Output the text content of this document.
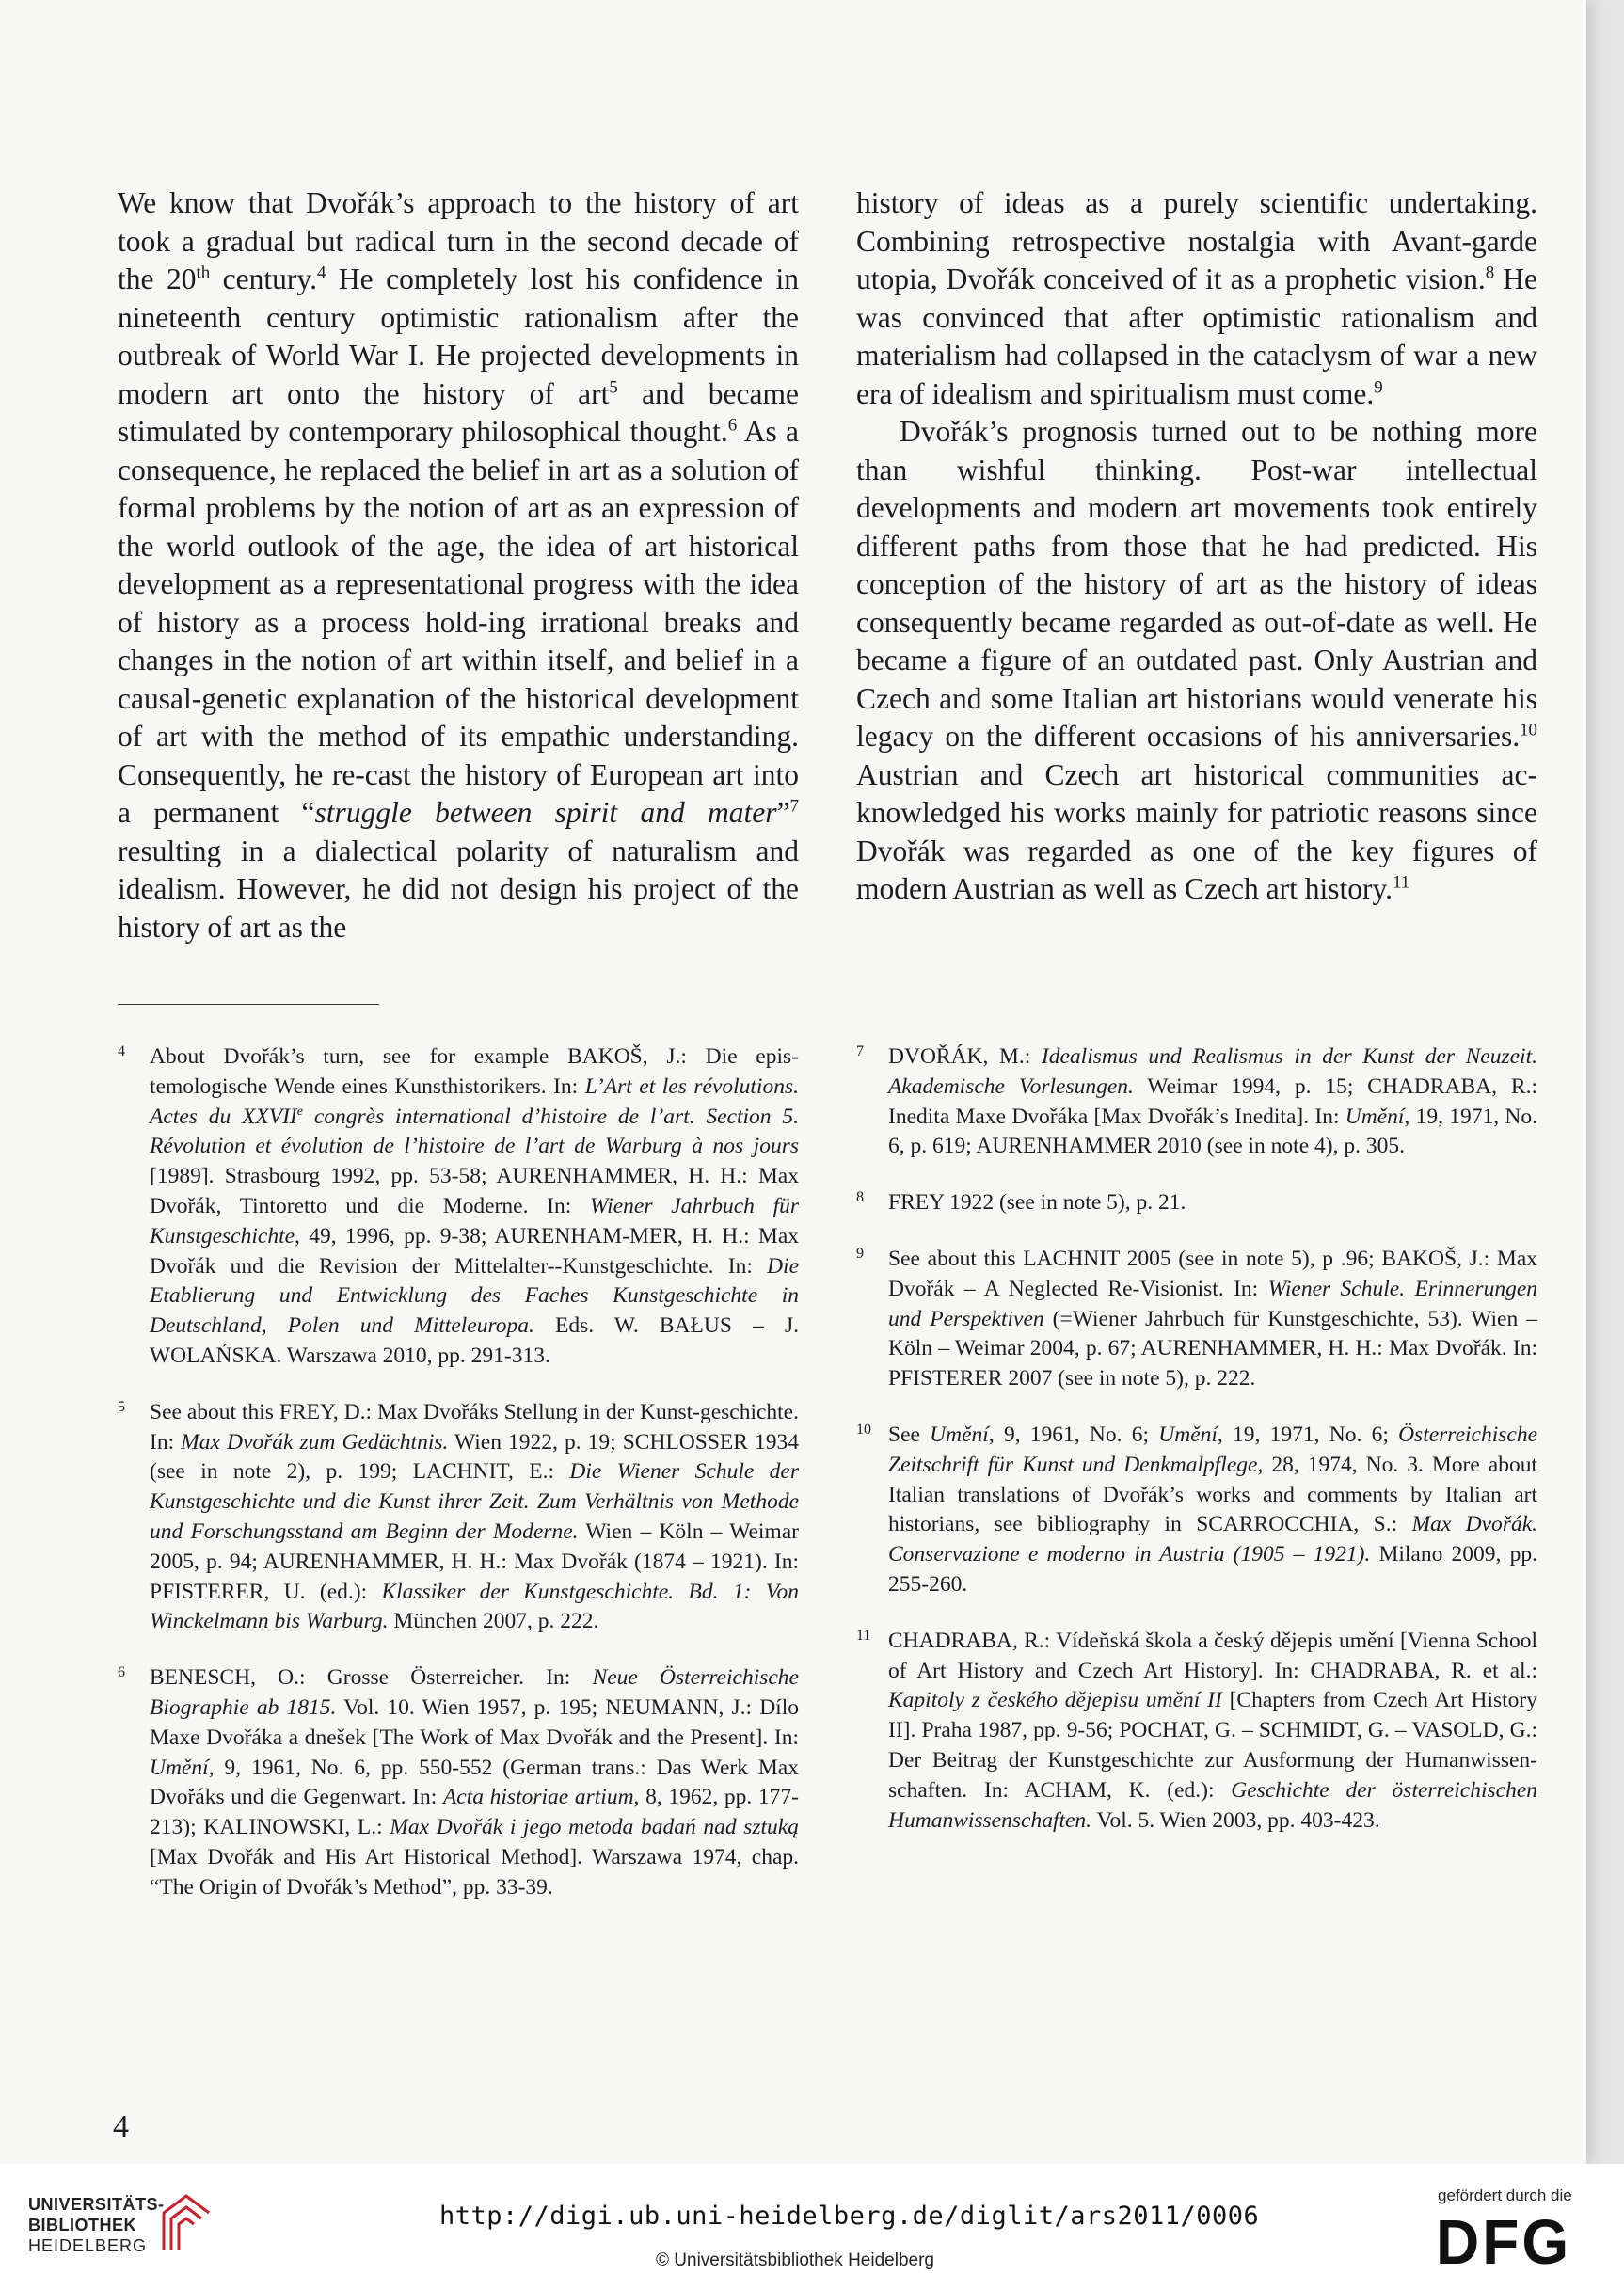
We know that Dvořák’s approach to the history of art took a gradual but radical turn in the second decade of the 20th century.$^4$ He completely lost his confidence in nineteenth century optimistic rationalism after the outbreak of World War I. He projected developments in modern art onto the history of art$^5$ and became stimulated by contemporary philosophical thought.$^6$ As a consequence, he replaced the belief in art as a solution of formal problems by the notion of art as an expression of the world outlook of the age, the idea of art historical development as a representational progress with the idea of history as a process hold-ing irrational breaks and changes in the notion of art within itself, and belief in a causal-genetic explanation of the historical development of art with the method of its empathic understanding. Consequently, he re-cast the history of European art into a permanent “struggle between spirit and mater”$^7$ resulting in a dialectical polarity of naturalism and idealism. However, he did not design his project of the history of art as the

history of ideas as a purely scientific undertaking. Combining retrospective nostalgia with Avant-garde utopia, Dvořák conceived of it as a prophetic vision.$^8$ He was convinced that after optimistic rationalism and materialism had collapsed in the cataclysm of war a new era of idealism and spiritualism must come.$^9$

Dvořák’s prognosis turned out to be nothing more than wishful thinking. Post-war intellectual developments and modern art movements took entirely different paths from those that he had predicted. His conception of the history of art as the history of ideas consequently became regarded as out-of-date as well. He became a figure of an outdated past. Only Austrian and Czech and some Italian art historians would venerate his legacy on the different occasions of his anniversaries.$^{10}$ Austrian and Czech art historical communities ac-knowledged his works mainly for patriotic reasons since Dvořák was regarded as one of the key figures of modern Austrian as well as Czech art history.$^{11}$

4 About Dvořák’s turn, see for example BAKOŠ, J.: Die epis-temologische Wende eines Kunsthistorikers. In: L’Art et les révolutions. Actes du XXVIIe congrès international d’histoire de l’art. Section 5. Révolution et évolution de l’histoire de l’art de Warburg à nos jours [1989]. Strasbourg 1992, pp. 53-58; AURENHAMMER, H. H.: Max Dvořák, Tintoretto und die Moderne. In: Wiener Jahrbuch für Kunstgeschichte, 49, 1996, pp. 9-38; AURENHAM-MER, H. H.: Max Dvořák und die Revision der Mittelalter--Kunstgeschichte. In: Die Etablierung und Entwicklung des Faches Kunstgeschichte in Deutschland, Polen und Mitteleuropa. Eds. W. BAŁUS – J. WOLAŃSKA. Warszawa 2010, pp. 291-313.
5 See about this FREY, D.: Max Dvořáks Stellung in der Kunst-geschichte. In: Max Dvořák zum Gedächtnis. Wien 1922, p. 19; SCHLOSSER 1934 (see in note 2), p. 199; LACHNIT, E.: Die Wiener Schule der Kunstgeschichte und die Kunst ihrer Zeit. Zum Verhältnis von Methode und Forschungsstand am Beginn der Moderne. Wien – Köln – Weimar 2005, p. 94; AURENHAMMER, H. H.: Max Dvořák (1874 – 1921). In: PFISTERER, U. (ed.): Klassiker der Kunstgeschichte. Bd. 1: Von Winckelmann bis Warburg. München 2007, p. 222.
6 BENESCH, O.: Grosse Österreicher. In: Neue Österreichische Biographie ab 1815. Vol. 10. Wien 1957, p. 195; NEUMANN, J.: Dílo Maxe Dvořáka a dnešek [The Work of Max Dvořák and the Present]. In: Umění, 9, 1961, No. 6, pp. 550-552 (German trans.: Das Werk Max Dvořáks und die Gegenwart. In: Acta historiae artium, 8, 1962, pp. 177-213); KALINOWSKI, L.: Max Dvořák i jego metoda badań nad sztuką [Max Dvořák and His Art Historical Method]. Warszawa 1974, chap. “The Origin of Dvořák’s Method”, pp. 33-39.
7 DVOŘÁK, M.: Idealismus und Realismus in der Kunst der Neuzeit. Akademische Vorlesungen. Weimar 1994, p. 15; CHADRABA, R.: Inedita Maxe Dvořáka [Max Dvořák’s Inedita]. In: Umění, 19, 1971, No. 6, p. 619; AURENHAMMER 2010 (see in note 4), p. 305.
8 FREY 1922 (see in note 5), p. 21.
9 See about this LACHNIT 2005 (see in note 5), p .96; BAKOŠ, J.: Max Dvořák – A Neglected Re-Visionist. In: Wiener Schule. Erinnerungen und Perspektiven (=Wiener Jahrbuch für Kunstgeschichte, 53). Wien – Köln – Weimar 2004, p. 67; AURENHAMMER, H. H.: Max Dvořák. In: PFISTERER 2007 (see in note 5), p. 222.
10 See Umění, 9, 1961, No. 6; Umění, 19, 1971, No. 6; Österreichische Zeitschrift für Kunst und Denkmalpflege, 28, 1974, No. 3. More about Italian translations of Dvořák’s works and comments by Italian art historians, see bibliography in SCARROCCHIA, S.: Max Dvořák. Conservazione e moderno in Austria (1905 – 1921). Milano 2009, pp. 255-260.
11 CHADRABA, R.: Vídeňská škola a český dějepis umění [Vienna School of Art History and Czech Art History]. In: CHADRABA, R. et al.: Kapitoly z českého dějepisu umění II [Chapters from Czech Art History II]. Praha 1987, pp. 9-56; POCHAT, G. – SCHMIDT, G. – VASOLD, G.: Der Beitrag der Kunstgeschichte zur Ausformung der Humanwissen-schaften. In: ACHAM, K. (ed.): Geschichte der österreichischen Humanwissenschaften. Vol. 5. Wien 2003, pp. 403-423.
4
UNIVERSITÄTS-
BIBLIOTHEK
HEIDELBERG
http://digi.ub.uni-heidelberg.de/diglit/ars2011/0006
© Universitätsbibliothek Heidelberg
gefördert durch die
DFG
